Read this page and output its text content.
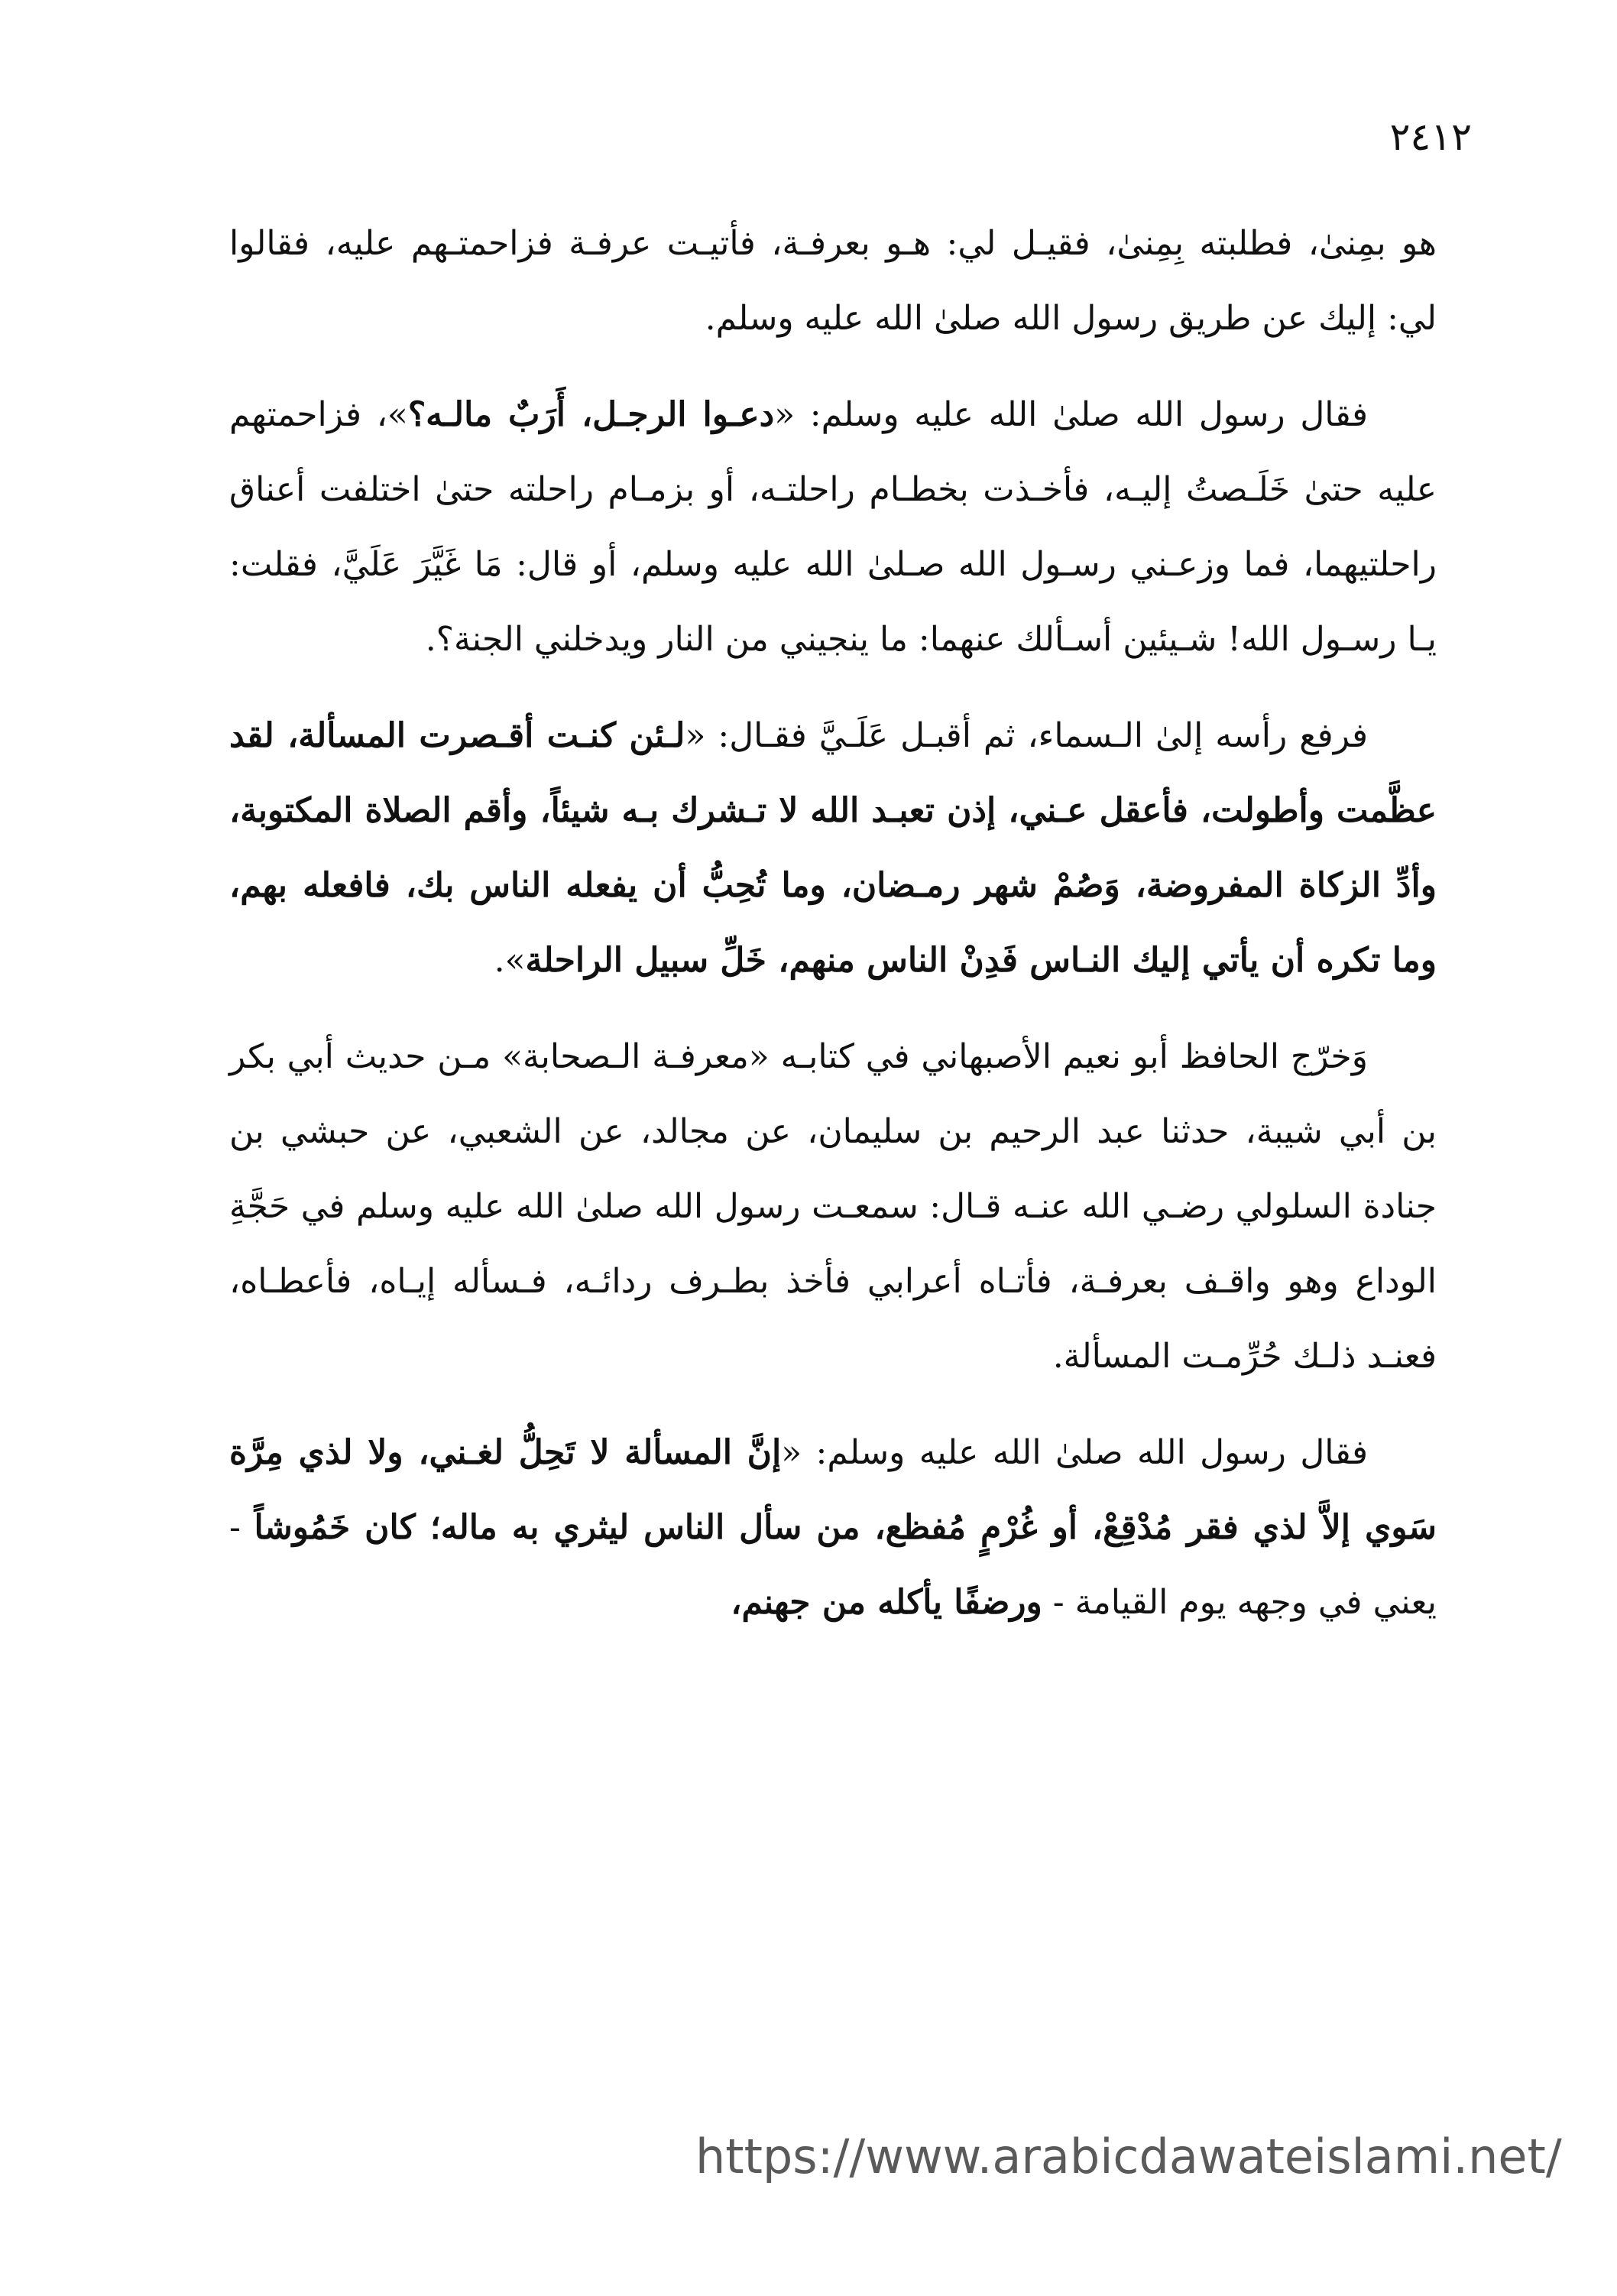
٢٤١٢

هو بمِنىٰ، فطلبته بِمِنىٰ، فقيـل لي: هـو بعرفـة، فأتيـت عرفـة فزاحمتـهم عليه، فقالوا لي: إليك عن طريق رسول الله صلىٰ الله عليه وسلم.

فقال رسول الله صلىٰ الله عليه وسلم: «دعـوا الرجـل، أَرَبٌ مالـه؟»، فزاحمتهم عليه حتىٰ خَلَـصتُ إليـه، فأخـذت بخطـام راحلتـه، أو بزمـام راحلته حتىٰ اختلفت أعناق راحلتيهما، فما وزعـني رسـول الله صـلىٰ الله عليه وسلم، أو قال: مَا غَيَّرَ عَلَيَّ، فقلت: يـا رسـول الله! شـيئين أسـألك عنهما: ما ينجيني من النار ويدخلني الجنة؟.

فرفع رأسه إلىٰ الـسماء، ثم أقبـل عَلَـيَّ فقـال: «لـئن كنـت أقـصرت المسألة، لقد عظَّمت وأطولت، فأعقل عـني، إذن تعبـد الله لا تـشرك بـه شيئاً، وأقم الصلاة المكتوبة، وأدِّ الزكاة المفروضة، وَصُمْ شهر رمـضان، وما تُحِبُّ أن يفعله الناس بك، فافعله بهم، وما تكره أن يأتي إليك النـاس فَدِنْ الناس منهم، خَلِّ سبيل الراحلة».

وَخرّج الحافظ أبو نعيم الأصبهاني في كتابـه «معرفـة الـصحابة» مـن حديث أبي بكر بن أبي شيبة، حدثنا عبد الرحيم بن سليمان، عن مجالد، عن الشعبي، عن حبشي بن جنادة السلولي رضـي الله عنـه قـال: سمعـت رسول الله صلىٰ الله عليه وسلم في حَجَّةِ الوداع وهو واقـف بعرفـة، فأتـاه أعرابي فأخذ بطـرف ردائـه، فـسأله إيـاه، فأعطـاه، فعنـد ذلـك حُرِّمـت المسألة.

فقال رسول الله صلىٰ الله عليه وسلم: «إنَّ المسألة لا تَحِلُّ لغـني، ولا لذي مِرَّة سَوي إلاَّ لذي فقر مُدْقِعْ، أو غُرْمٍ مُفظع، من سأل الناس ليثري به ماله؛ كان خَمُوشاً - يعني في وجهه يوم القيامة - ورضفًا يأكله من جهنم،

https://www.arabicdawateislami.net/
